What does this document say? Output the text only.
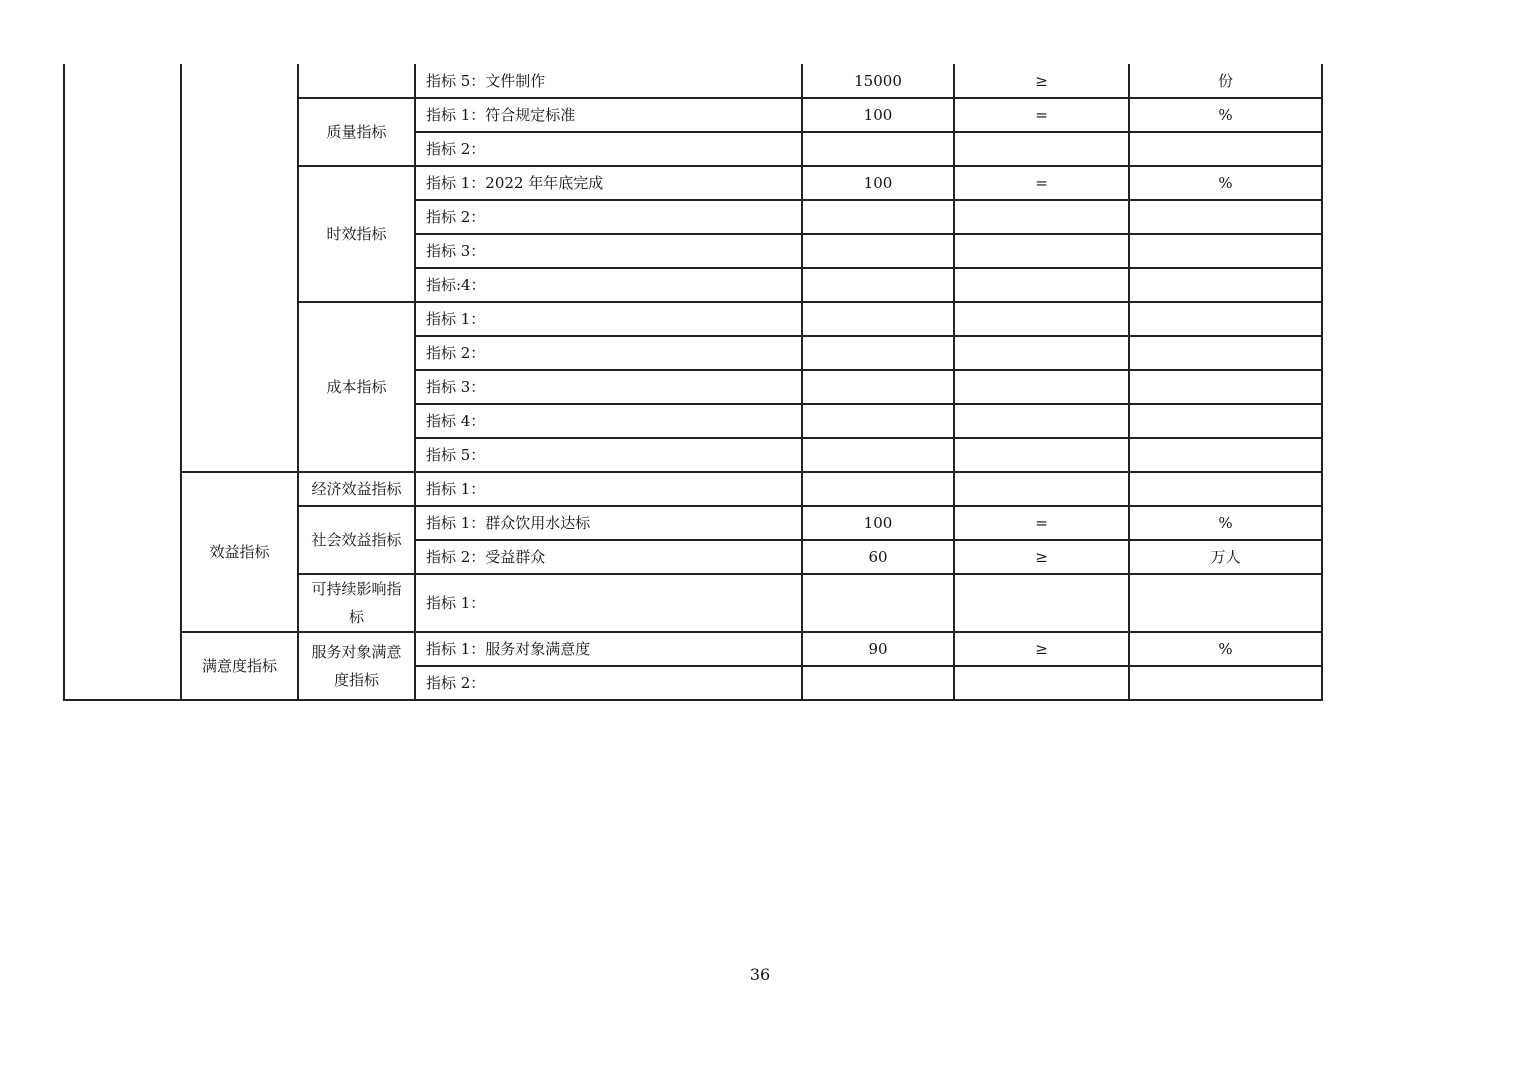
			指标 5：文件制作	15000	≥	份
		质量指标	指标 1：符合规定标准	100	=	%
			指标 2：			
		时效指标	指标 1：2022 年年底完成	100	=	%
			指标 2：			
			指标 3：			
			指标:4：			
		成本指标	指标 1：			
			指标 2：			
			指标 3：			
			指标 4：			
			指标 5：			
	效益指标	经济效益指标	指标 1：			
		社会效益指标	指标 1：群众饮用水达标	100	=	%
			指标 2：受益群众	60	≥	万人
		可持续影响指标	指标 1：			
	满意度指标	服务对象满意度指标	指标 1：服务对象满意度	90	≥	%
			指标 2：			
36
